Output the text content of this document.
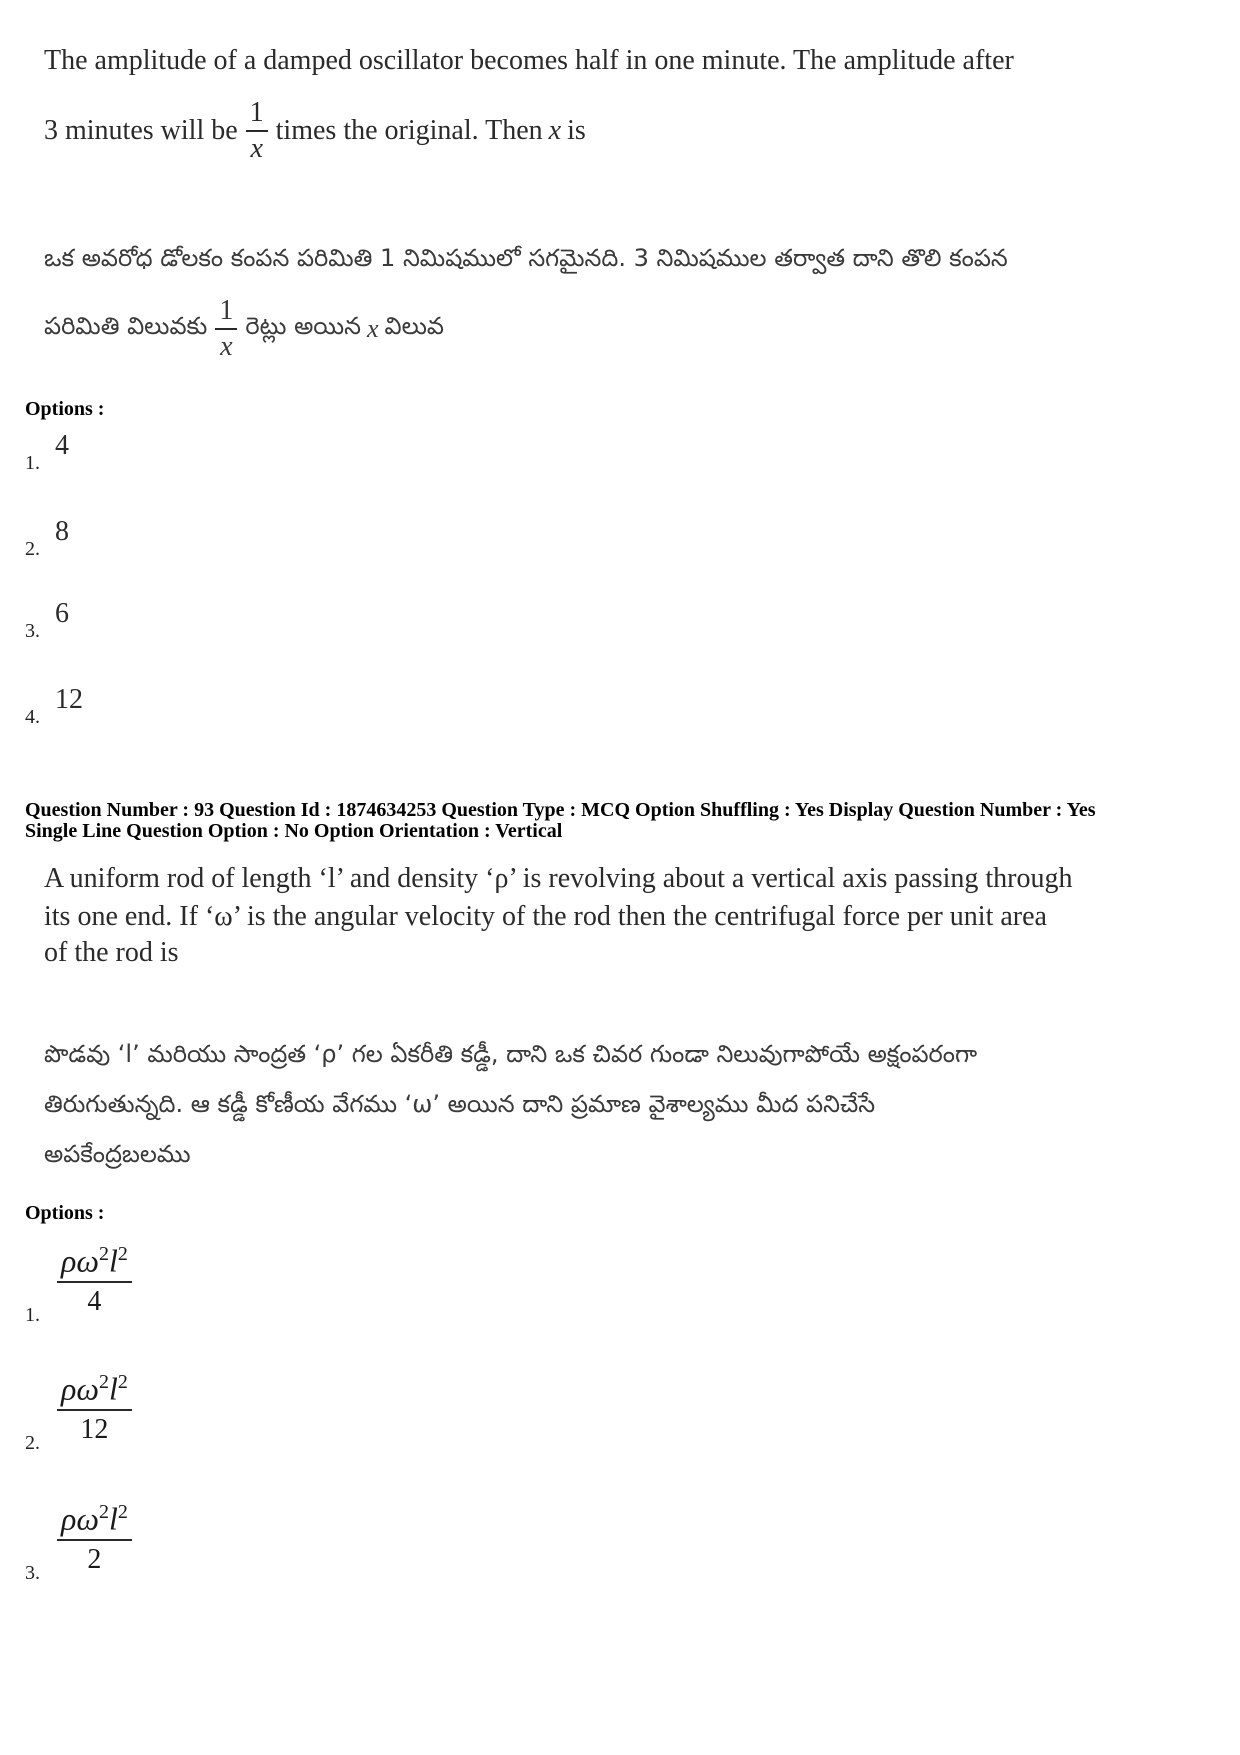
The amplitude of a damped oscillator becomes half in one minute. The amplitude after
3 minutes will be $\frac{1}{x}$ times the original. Then x is
ఒక అవరోధ డోలకం కంపన పరిమితి 1 నిమిషములో సగమైనది. 3 నిమిషముల తర్వాత దాని తొలి కంపన
పరిమితి విలువకు $\frac{1}{x}$ రెట్లు అయిన x విలువ
Options :
1.
4
2.
8
3.
6
4.
12
Question Number : 93 Question Id : 1874634253 Question Type : MCQ Option Shuffling : Yes Display Question Number : Yes
Single Line Question Option : No Option Orientation : Vertical
A uniform rod of length ‘l’ and density ‘ρ’ is revolving about a vertical axis passing through
its one end. If ‘ω’ is the angular velocity of the rod then the centrifugal force per unit area
of the rod is
పొడవు ‘l’ మరియు సాంద్రత ‘ρ’ గల ఏకరీతి కడ్డీ, దాని ఒక చివర గుండా నిలువుగాపోయే అక్షంపరంగా
తిరుగుతున్నది. ఆ కడ్డీ కోణీయ వేగము ‘ω’ అయిన దాని ప్రమాణ వైశాల్యము మీద పనిచేసే
అపకేంద్రబలము
Options :
1.
$\rho\omega^2l^2$
4
2.
$\rho\omega^2l^2$
12
3.
$\rho\omega^2l^2$
2
